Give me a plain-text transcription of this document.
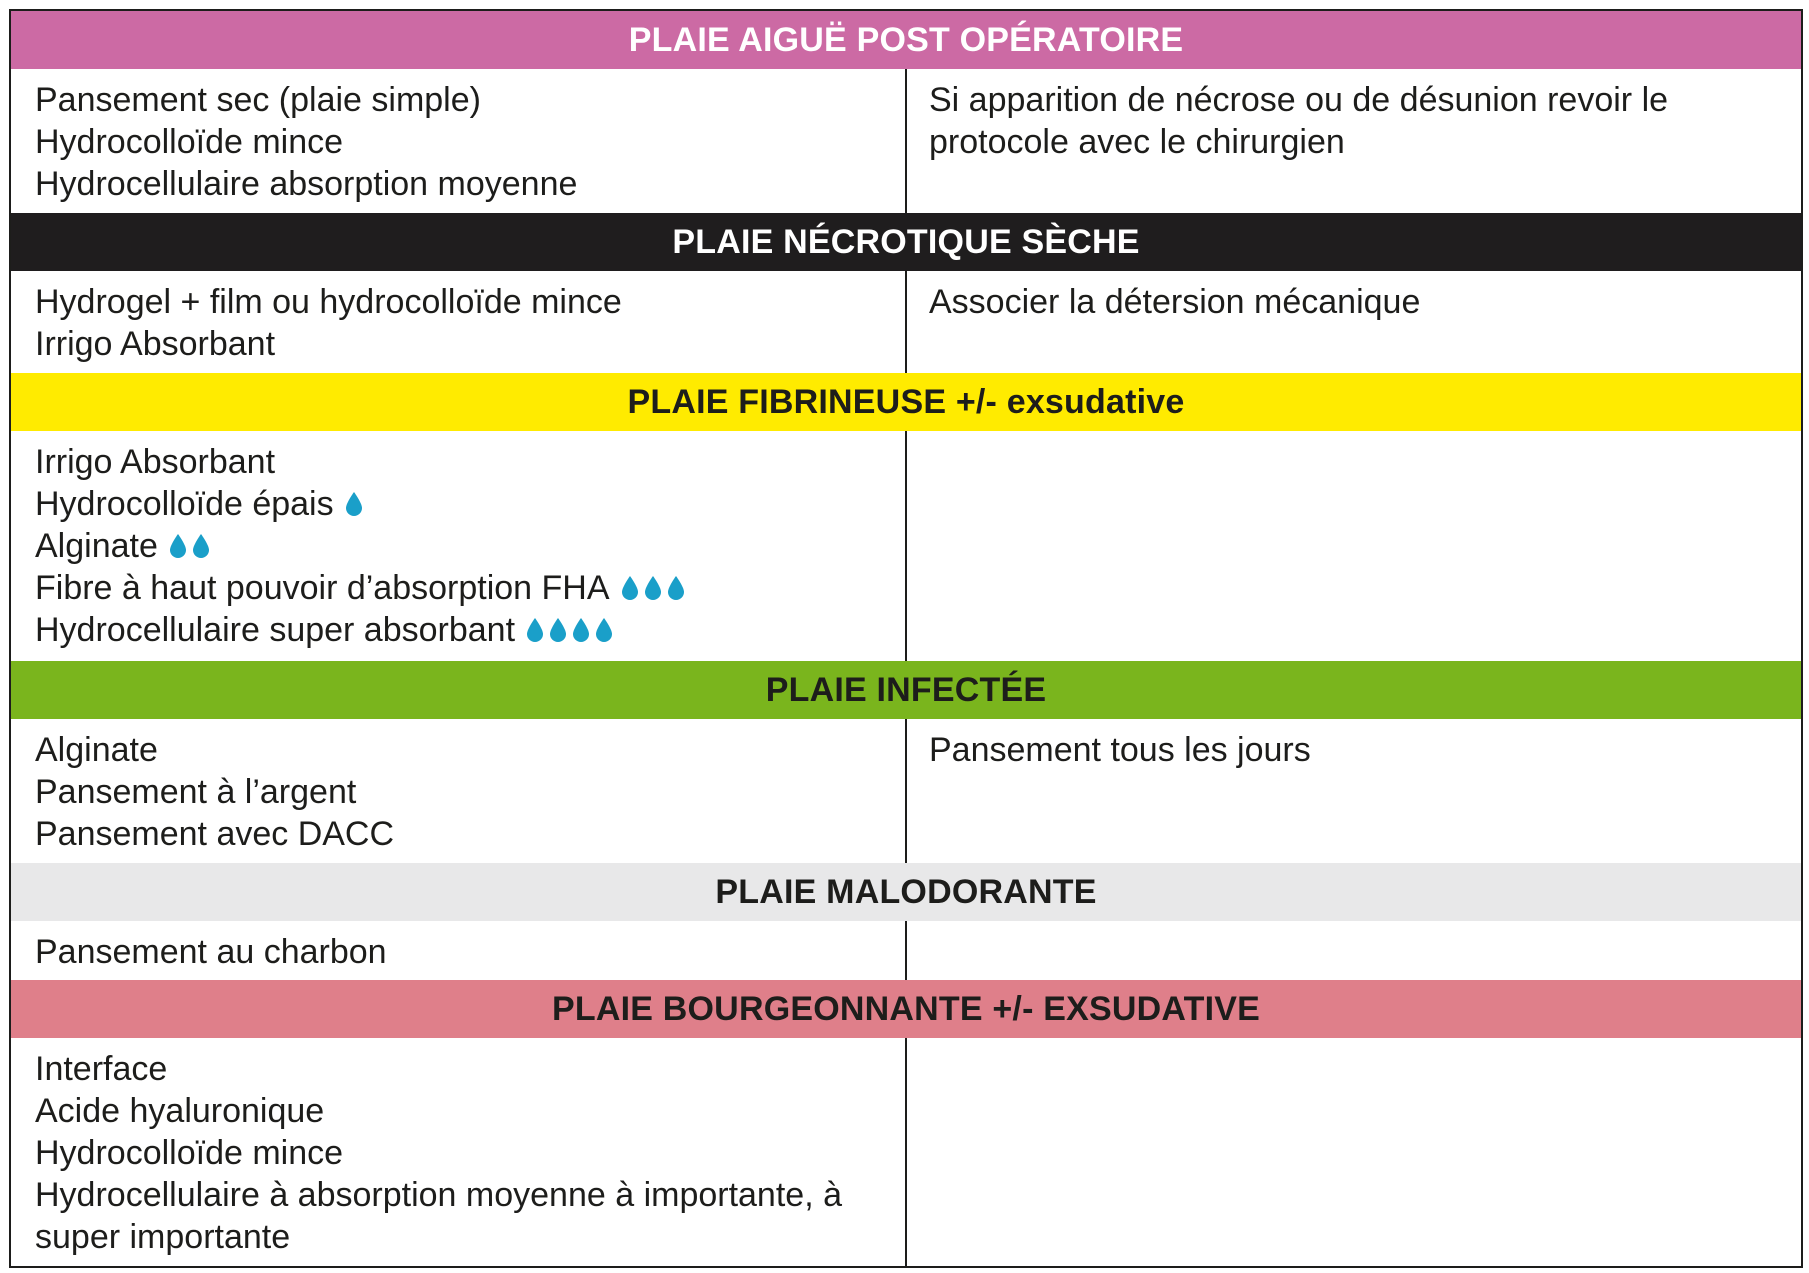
PLAIE AIGUË POST OPÉRATOIRE
Pansement sec (plaie simple)
Hydrocolloïde mince
Hydrocellulaire absorption moyenne
Si apparition de nécrose ou de désunion revoir le protocole avec le chirurgien
PLAIE NÉCROTIQUE SÈCHE
Hydrogel + film ou hydrocolloïde mince
Irrigo Absorbant
Associer la détersion mécanique
PLAIE FIBRINEUSE +/- exsudative
Irrigo Absorbant
Hydrocolloïde épais
Alginate
Fibre à haut pouvoir d’absorption FHA
Hydrocellulaire super absorbant
PLAIE INFECTÉE
Alginate
Pansement à l’argent
Pansement avec DACC
Pansement tous les jours
PLAIE MALODORANTE
Pansement au charbon
PLAIE BOURGEONNANTE +/- EXSUDATIVE
Interface
Acide hyaluronique
Hydrocolloïde mince
Hydrocellulaire à absorption moyenne à importante, à super importante
